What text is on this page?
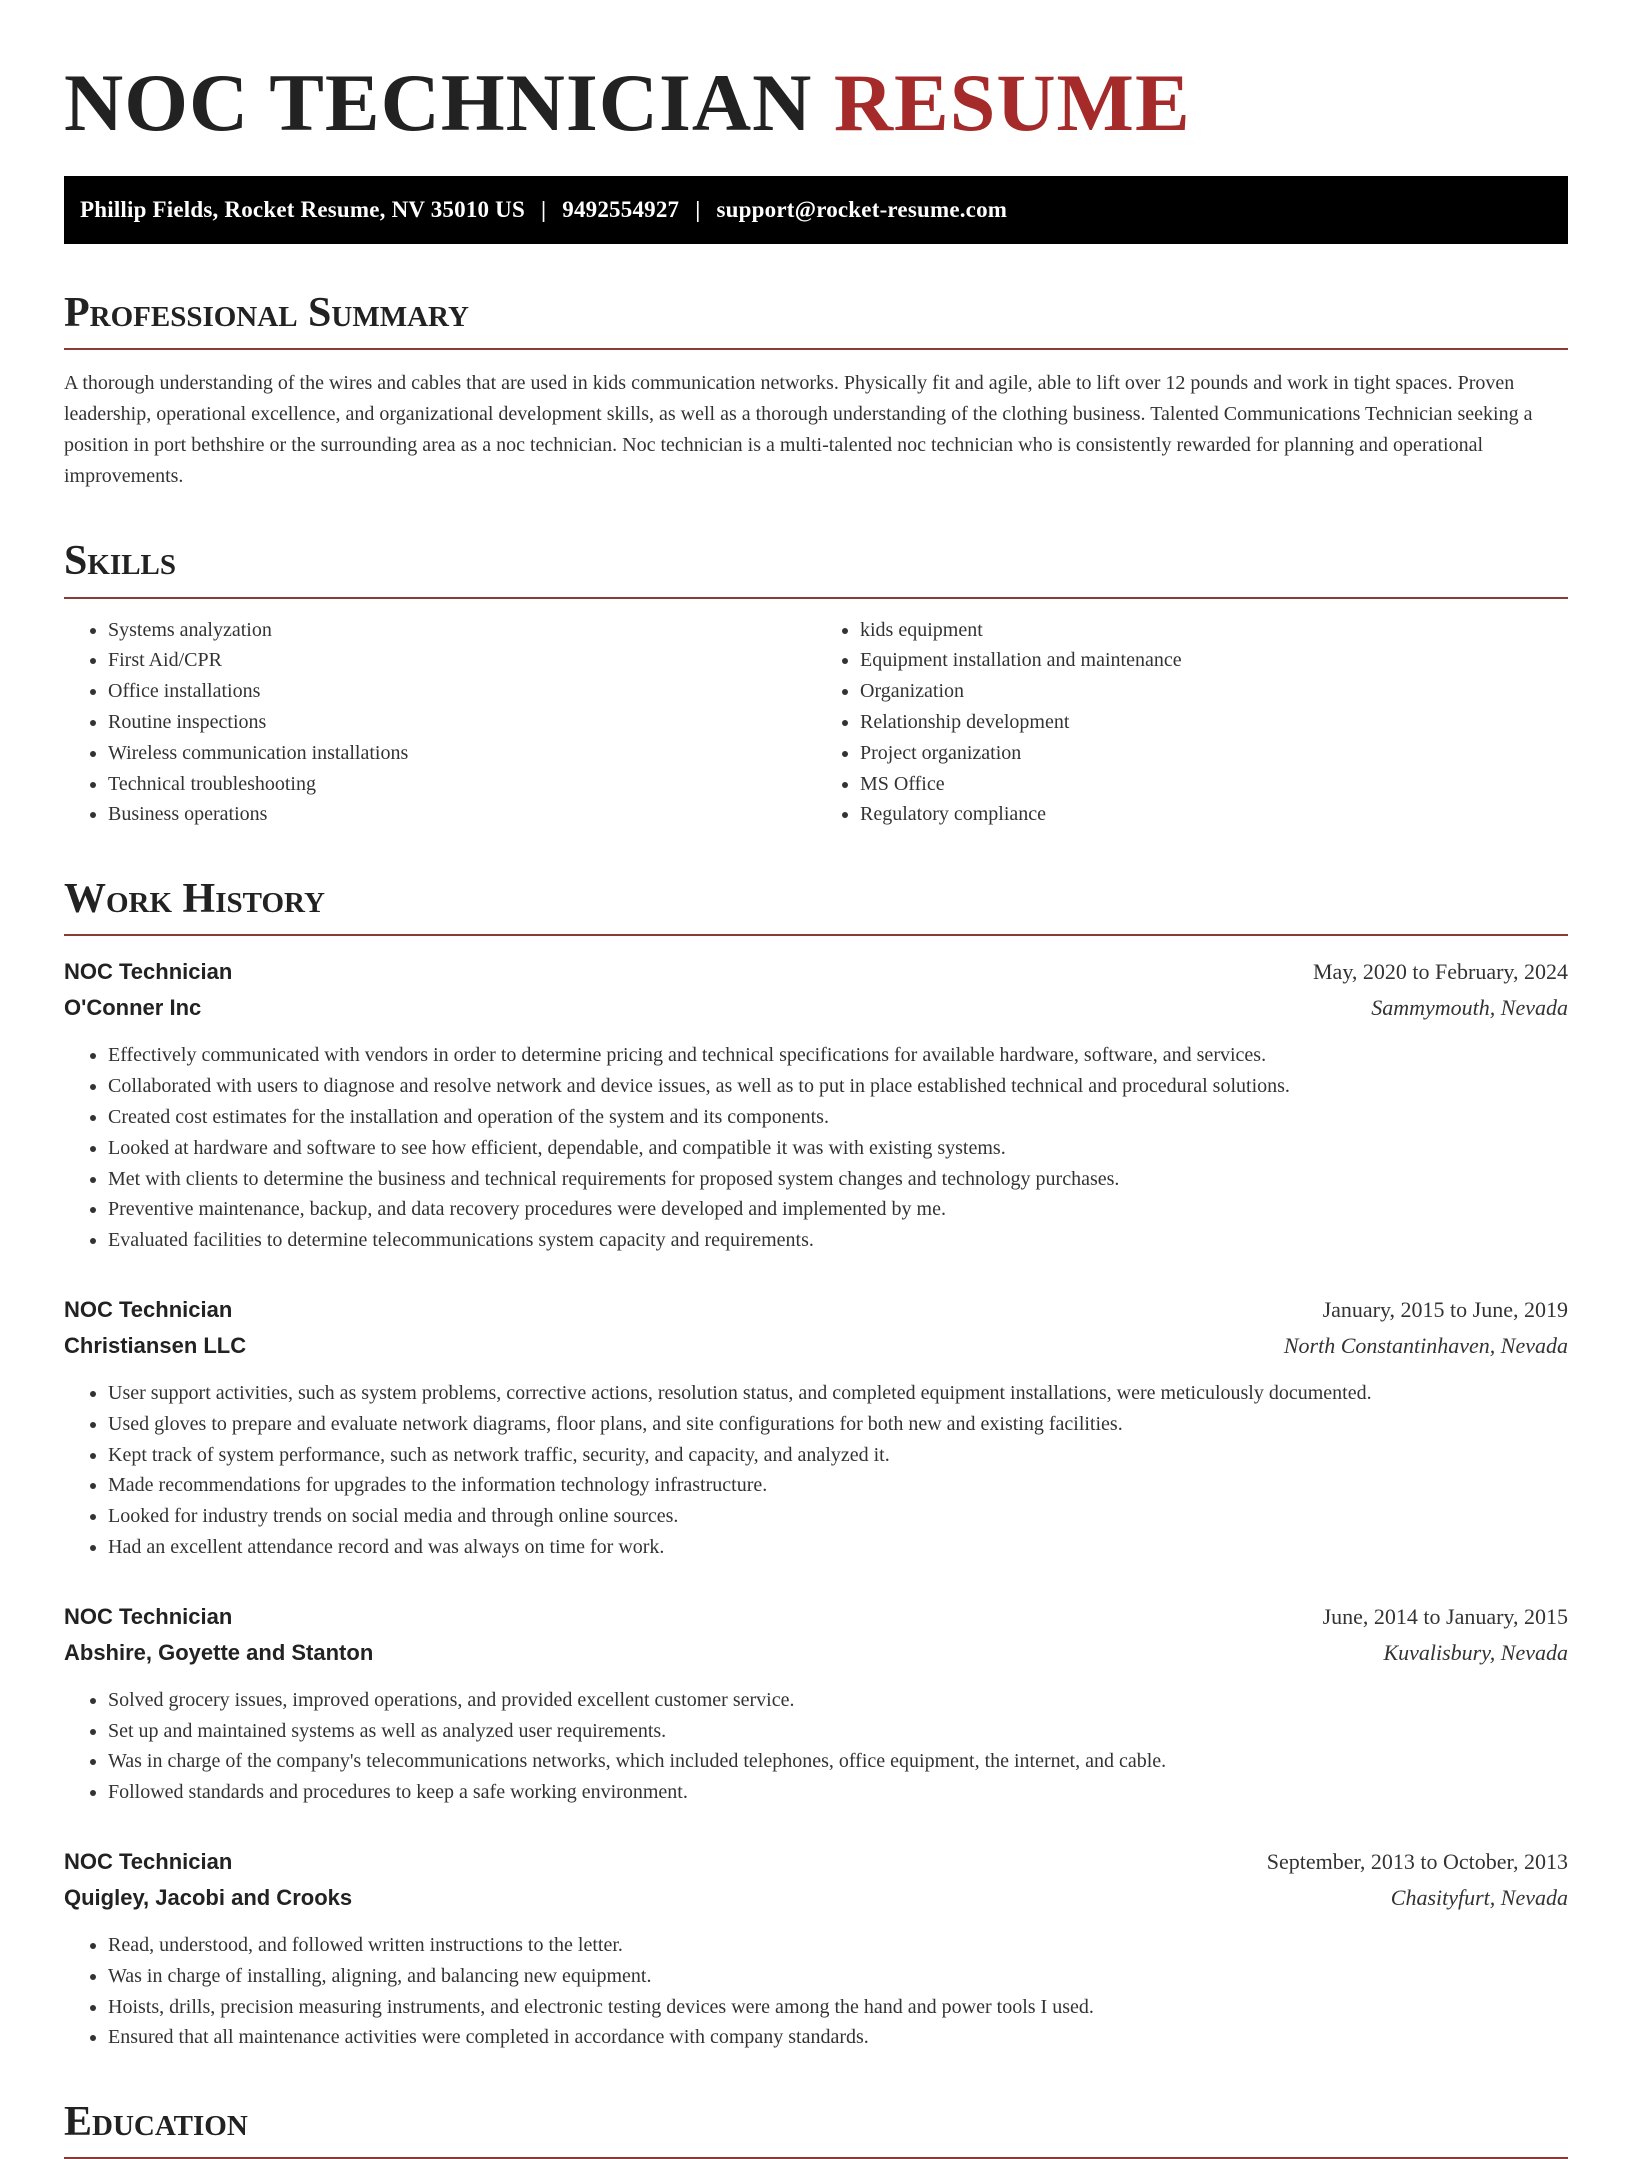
NOC TECHNICIAN RESUME
Phillip Fields, Rocket Resume, NV 35010 US | 9492554927 | support@rocket-resume.com
Professional Summary

A thorough understanding of the wires and cables that are used in kids communication networks. Physically fit and agile, able to lift over 12 pounds and work in tight spaces. Proven leadership, operational excellence, and organizational development skills, as well as a thorough understanding of the clothing business. Talented Communications Technician seeking a position in port bethshire or the surrounding area as a noc technician. Noc technician is a multi-talented noc technician who is consistently rewarded for planning and operational improvements.

Skills
• Systems analyzation
• First Aid/CPR
• Office installations
• Routine inspections
• Wireless communication installations
• Technical troubleshooting
• Business operations
• kids equipment
• Equipment installation and maintenance
• Organization
• Relationship development
• Project organization
• MS Office
• Regulatory compliance
Work History
NOC Technician	May, 2020 to February, 2024
O'Conner Inc	Sammymouth, Nevada
• Effectively communicated with vendors in order to determine pricing and technical specifications for available hardware, software, and services.
• Collaborated with users to diagnose and resolve network and device issues, as well as to put in place established technical and procedural solutions.
• Created cost estimates for the installation and operation of the system and its components.
• Looked at hardware and software to see how efficient, dependable, and compatible it was with existing systems.
• Met with clients to determine the business and technical requirements for proposed system changes and technology purchases.
• Preventive maintenance, backup, and data recovery procedures were developed and implemented by me.
• Evaluated facilities to determine telecommunications system capacity and requirements.
NOC Technician	January, 2015 to June, 2019
Christiansen LLC	North Constantinhaven, Nevada
• User support activities, such as system problems, corrective actions, resolution status, and completed equipment installations, were meticulously documented.
• Used gloves to prepare and evaluate network diagrams, floor plans, and site configurations for both new and existing facilities.
• Kept track of system performance, such as network traffic, security, and capacity, and analyzed it.
• Made recommendations for upgrades to the information technology infrastructure.
• Looked for industry trends on social media and through online sources.
• Had an excellent attendance record and was always on time for work.
NOC Technician	June, 2014 to January, 2015
Abshire, Goyette and Stanton	Kuvalisbury, Nevada
• Solved grocery issues, improved operations, and provided excellent customer service.
• Set up and maintained systems as well as analyzed user requirements.
• Was in charge of the company's telecommunications networks, which included telephones, office equipment, the internet, and cable.
• Followed standards and procedures to keep a safe working environment.
NOC Technician	September, 2013 to October, 2013
Quigley, Jacobi and Crooks	Chasityfurt, Nevada
• Read, understood, and followed written instructions to the letter.
• Was in charge of installing, aligning, and balancing new equipment.
• Hoists, drills, precision measuring instruments, and electronic testing devices were among the hand and power tools I used.
• Ensured that all maintenance activities were completed in accordance with company standards.
Education
